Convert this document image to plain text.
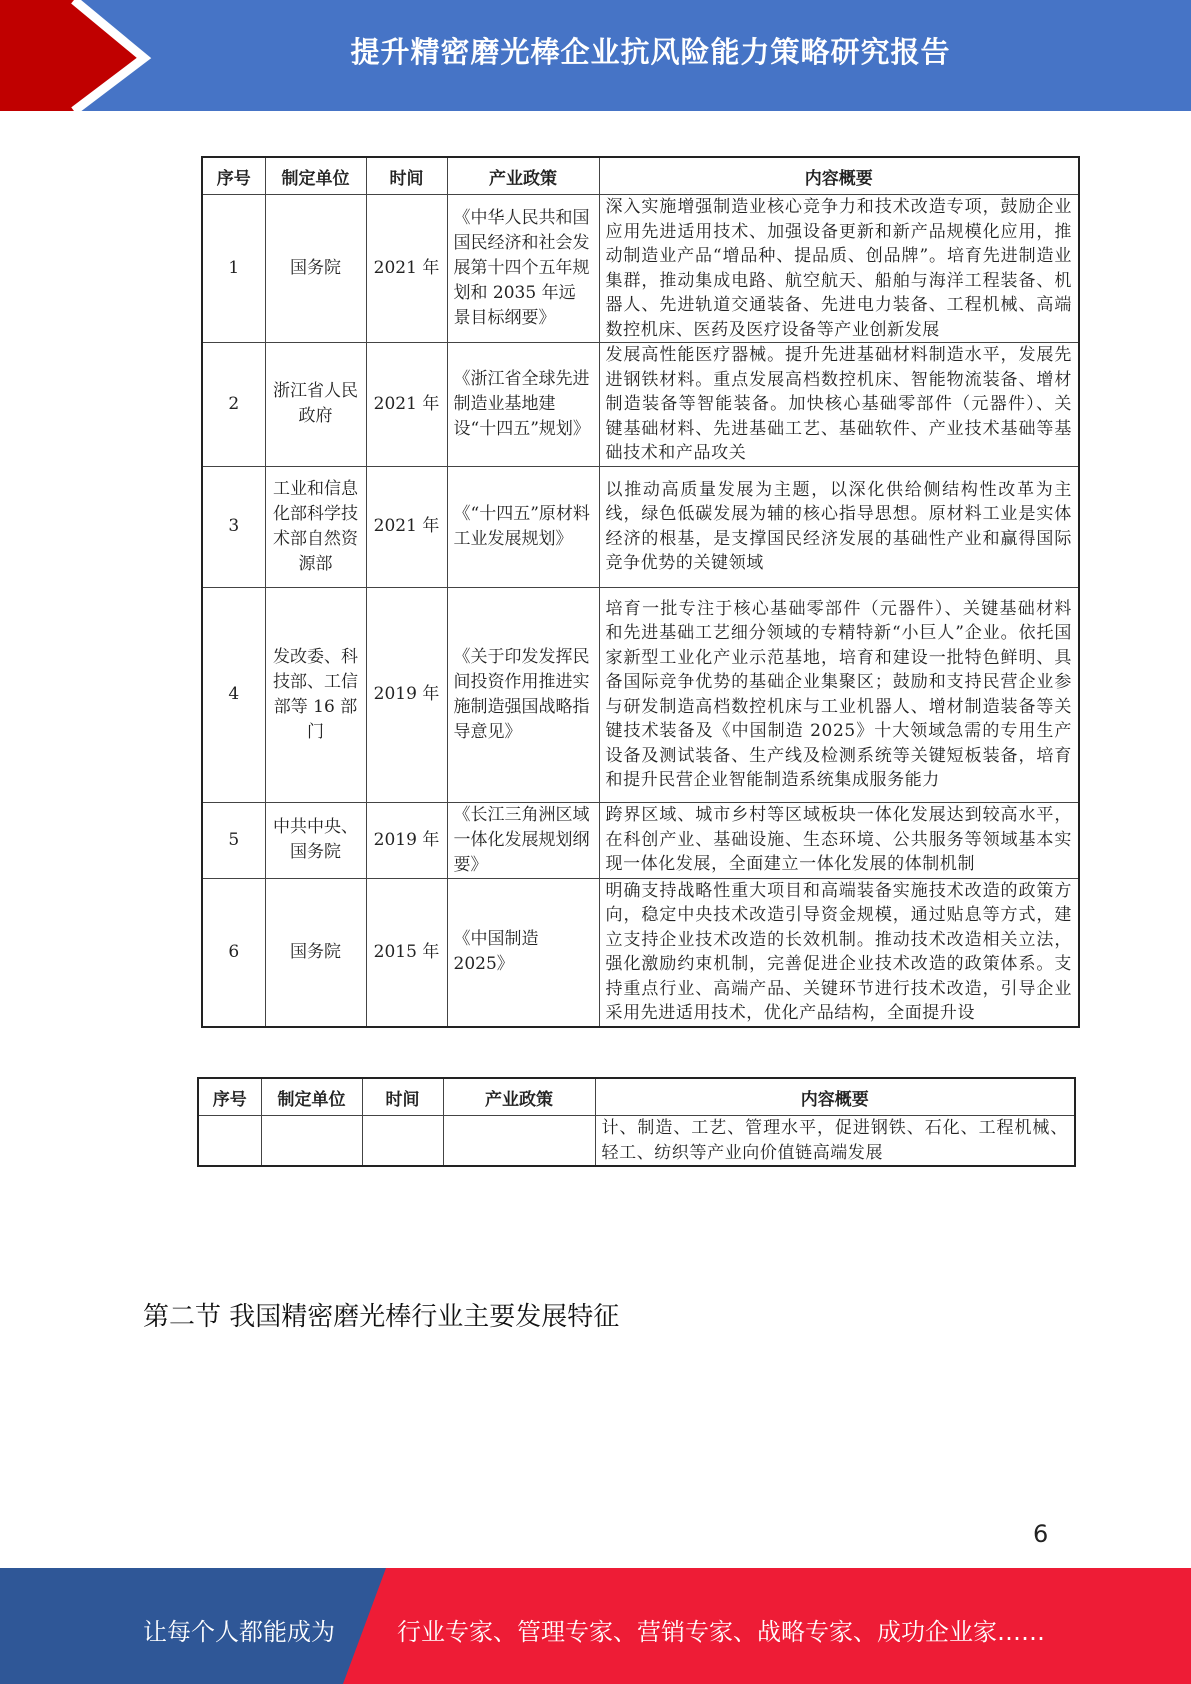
提升精密磨光棒企业抗风险能力策略研究报告
序号	制定单位	时间	产业政策	内容概要
1	国务院	2021 年	《中华人民共和国国民经济和社会发展第十四个五年规划和 2035 年远景目标纲要》	深入实施增强制造业核心竞争力和技术改造专项，鼓励企业应用先进适用技术、加强设备更新和新产品规模化应用，推动制造业产品“增品种、提品质、创品牌”。培育先进制造业集群，推动集成电路、航空航天、船舶与海洋工程装备、机器人、先进轨道交通装备、先进电力装备、工程机械、高端数控机床、医药及医疗设备等产业创新发展
2	浙江省人民政府	2021 年	《浙江省全球先进制造业基地建设“十四五”规划》	发展高性能医疗器械。提升先进基础材料制造水平，发展先进钢铁材料。重点发展高档数控机床、智能物流装备、增材制造装备等智能装备。加快核心基础零部件（元器件）、关键基础材料、先进基础工艺、基础软件、产业技术基础等基础技术和产品攻关
3	工业和信息化部科学技术部自然资源部	2021 年	《“十四五”原材料工业发展规划》	以推动高质量发展为主题，以深化供给侧结构性改革为主线，绿色低碳发展为辅的核心指导思想。原材料工业是实体经济的根基，是支撑国民经济发展的基础性产业和赢得国际竞争优势的关键领域
4	发改委、科技部、工信部等 16 部门	2019 年	《关于印发发挥民间投资作用推进实施制造强国战略指导意见》	培育一批专注于核心基础零部件（元器件）、关键基础材料和先进基础工艺细分领域的专精特新“小巨人”企业。依托国家新型工业化产业示范基地，培育和建设一批特色鲜明、具备国际竞争优势的基础企业集聚区；鼓励和支持民营企业参与研发制造高档数控机床与工业机器人、增材制造装备等关键技术装备及《中国制造 2025》十大领域急需的专用生产设备及测试装备、生产线及检测系统等关键短板装备，培育和提升民营企业智能制造系统集成服务能力
5	中共中央、国务院	2019 年	《长江三角洲区域一体化发展规划纲要》	跨界区域、城市乡村等区域板块一体化发展达到较高水平，在科创产业、基础设施、生态环境、公共服务等领域基本实现一体化发展，全面建立一体化发展的体制机制
6	国务院	2015 年	《中国制造 2025》	明确支持战略性重大项目和高端装备实施技术改造的政策方向，稳定中央技术改造引导资金规模，通过贴息等方式，建立支持企业技术改造的长效机制。推动技术改造相关立法，强化激励约束机制，完善促进企业技术改造的政策体系。支持重点行业、高端产品、关键环节进行技术改造，引导企业采用先进适用技术，优化产品结构，全面提升设
序号	制定单位	时间	产业政策	内容概要
				计、制造、工艺、管理水平，促进钢铁、石化、工程机械、轻工、纺织等产业向价值链高端发展
第二节 我国精密磨光棒行业主要发展特征
6
让每个人都能成为	行业专家、管理专家、营销专家、战略专家、成功企业家……
